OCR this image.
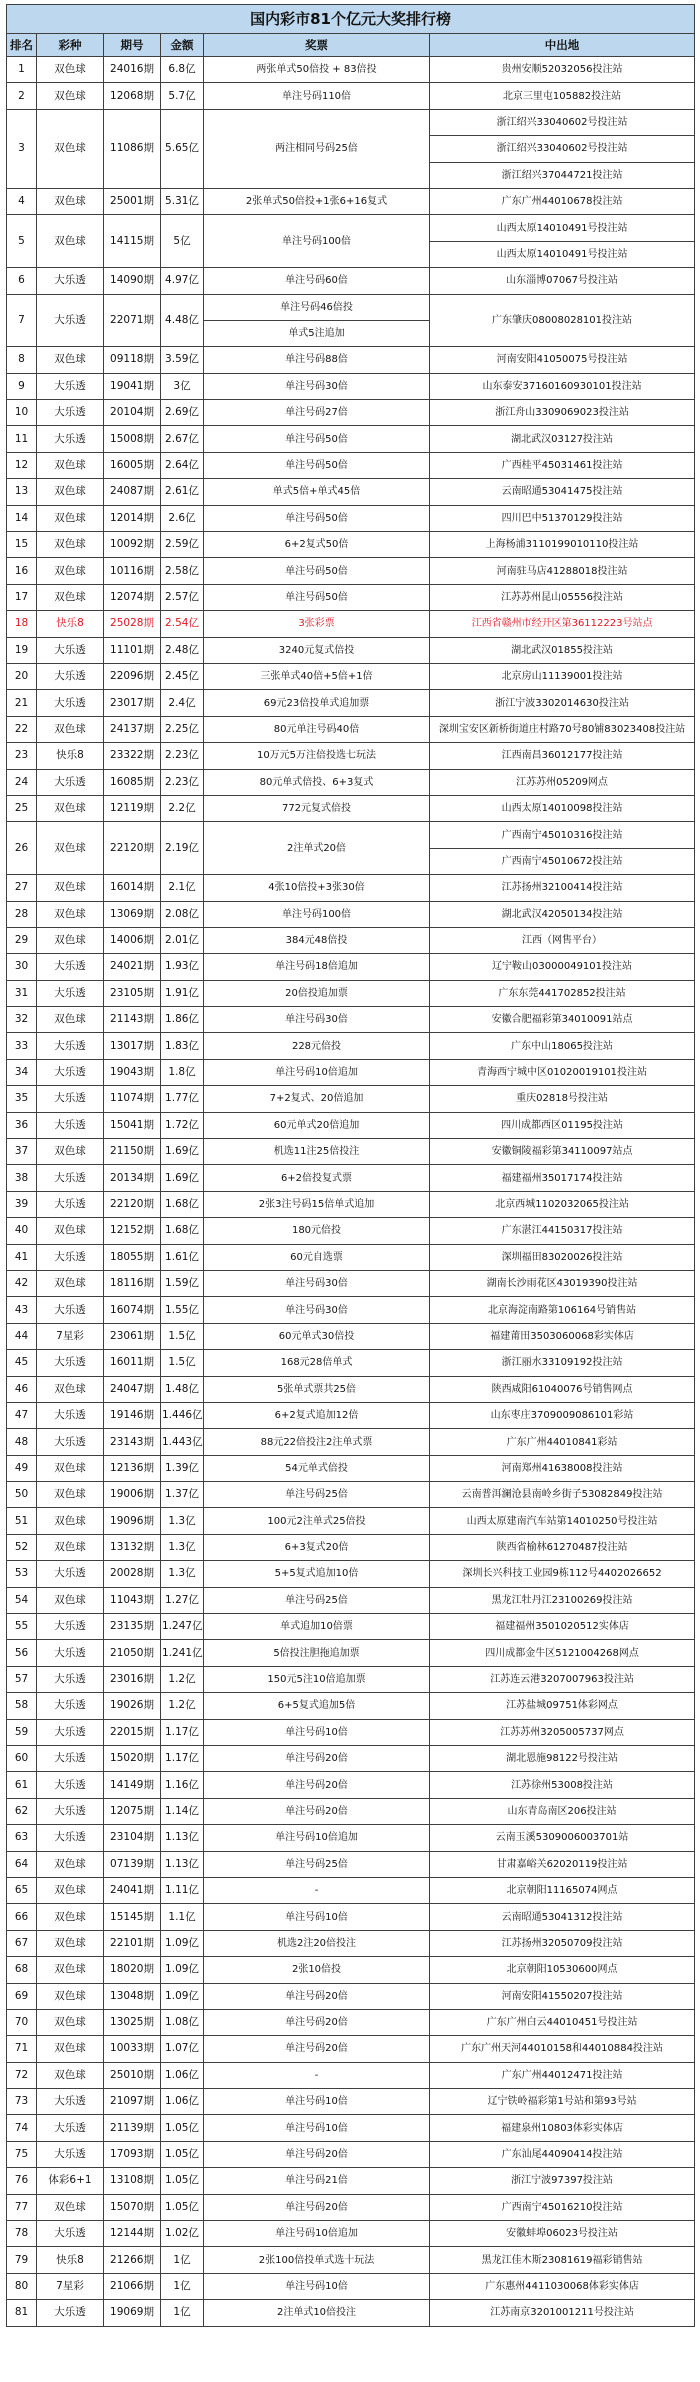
国内彩市81个亿元大奖排行榜					
排名	彩种	期号	金额	奖票	中出地
1	双色球	24016期	6.8亿	两张单式50倍投 + 83倍投	贵州安顺52032056投注站
2	双色球	12068期	5.7亿	单注号码110倍	北京三里屯105882投注站
3	双色球	11086期	5.65亿	两注相同号码25倍	浙江绍兴33040602号投注站
					浙江绍兴33040602号投注站
					浙江绍兴37044721投注站
4	双色球	25001期	5.31亿	2张单式50倍投+1张6+16复式	广东广州44010678投注站
5	双色球	14115期	5亿	单注号码100倍	山西太原14010491号投注站
					山西太原14010491号投注站
6	大乐透	14090期	4.97亿	单注号码60倍	山东淄博07067号投注站
7	大乐透	22071期	4.48亿	单注号码46倍投	广东肇庆08008028101投注站
				单式5注追加	
8	双色球	09118期	3.59亿	单注号码88倍	河南安阳41050075号投注站
9	大乐透	19041期	3亿	单注号码30倍	山东泰安37160160930101投注站
10	大乐透	20104期	2.69亿	单注号码27倍	浙江舟山3309069023投注站
11	大乐透	15008期	2.67亿	单注号码50倍	湖北武汉03127投注站
12	双色球	16005期	2.64亿	单注号码50倍	广西桂平45031461投注站
13	双色球	24087期	2.61亿	单式5倍+单式45倍	云南昭通53041475投注站
14	双色球	12014期	2.6亿	单注号码50倍	四川巴中51370129投注站
15	双色球	10092期	2.59亿	6+2复式50倍	上海杨浦3110199010110投注站
16	双色球	10116期	2.58亿	单注号码50倍	河南驻马店41288018投注站
17	双色球	12074期	2.57亿	单注号码50倍	江苏苏州昆山05556投注站
18	快乐8	25028期	2.54亿	3张彩票	江西省赣州市经开区第36112223号站点
19	大乐透	11101期	2.48亿	3240元复式倍投	湖北武汉01855投注站
20	大乐透	22096期	2.45亿	三张单式40倍+5倍+1倍	北京房山11139001投注站
21	大乐透	23017期	2.4亿	69元23倍投单式追加票	浙江宁波3302014630投注站
22	双色球	24137期	2.25亿	80元单注号码40倍	深圳宝安区新桥街道庄村路70号80铺83023408投注站
23	快乐8	23322期	2.23亿	10万元5万注倍投选七玩法	江西南昌36012177投注站
24	大乐透	16085期	2.23亿	80元单式倍投、6+3复式	江苏苏州05209网点
25	双色球	12119期	2.2亿	772元复式倍投	山西太原14010098投注站
26	双色球	22120期	2.19亿	2注单式20倍	广西南宁45010316投注站
					广西南宁45010672投注站
27	双色球	16014期	2.1亿	4张10倍投+3张30倍	江苏扬州32100414投注站
28	双色球	13069期	2.08亿	单注号码100倍	湖北武汉42050134投注站
29	双色球	14006期	2.01亿	384元48倍投	江西（网售平台）
30	大乐透	24021期	1.93亿	单注号码18倍追加	辽宁鞍山03000049101投注站
31	大乐透	23105期	1.91亿	20倍投追加票	广东东莞441702852投注站
32	双色球	21143期	1.86亿	单注号码30倍	安徽合肥福彩第34010091站点
33	大乐透	13017期	1.83亿	228元倍投	广东中山18065投注站
34	大乐透	19043期	1.8亿	单注号码10倍追加	青海西宁城中区01020019101投注站
35	大乐透	11074期	1.77亿	7+2复式、20倍追加	重庆02818号投注站
36	大乐透	15041期	1.72亿	60元单式20倍追加	四川成都西区01195投注站
37	双色球	21150期	1.69亿	机选11注25倍投注	安徽铜陵福彩第34110097站点
38	大乐透	20134期	1.69亿	6+2倍投复式票	福建福州35017174投注站
39	大乐透	22120期	1.68亿	2张3注号码15倍单式追加	北京西城1102032065投注站
40	双色球	12152期	1.68亿	180元倍投	广东湛江44150317投注站
41	大乐透	18055期	1.61亿	60元自选票	深圳福田83020026投注站
42	双色球	18116期	1.59亿	单注号码30倍	湖南长沙雨花区43019390投注站
43	大乐透	16074期	1.55亿	单注号码30倍	北京海淀南路第106164号销售站
44	7星彩	23061期	1.5亿	60元单式30倍投	福建莆田3503060068彩实体店
45	大乐透	16011期	1.5亿	168元28倍单式	浙江丽水33109192投注站
46	双色球	24047期	1.48亿	5张单式票共25倍	陕西咸阳61040076号销售网点
47	大乐透	19146期	1.446亿	6+2复式追加12倍	山东枣庄3709009086101彩站
48	大乐透	23143期	1.443亿	88元22倍投注2注单式票	广东广州44010841彩站
49	双色球	12136期	1.39亿	54元单式倍投	河南郑州41638008投注站
50	双色球	19006期	1.37亿	单注号码25倍	云南普洱澜沧县南岭乡街子53082849投注站
51	双色球	19096期	1.3亿	100元2注单式25倍投	山西太原建南汽车站第14010250号投注站
52	双色球	13132期	1.3亿	6+3复式20倍	陕西省榆林61270487投注站
53	大乐透	20028期	1.3亿	5+5复式追加10倍	深圳长兴科技工业园9栋112号4402026652
54	双色球	11043期	1.27亿	单注号码25倍	黑龙江牡丹江23100269投注站
55	大乐透	23135期	1.247亿	单式追加10倍票	福建福州3501020512实体店
56	大乐透	21050期	1.241亿	5倍投注胆拖追加票	四川成都金牛区5121004268网点
57	大乐透	23016期	1.2亿	150元5注10倍追加票	江苏连云港3207007963投注站
58	大乐透	19026期	1.2亿	6+5复式追加5倍	江苏盐城09751体彩网点
59	大乐透	22015期	1.17亿	单注号码10倍	江苏苏州3205005737网点
60	大乐透	15020期	1.17亿	单注号码20倍	湖北恩施98122号投注站
61	大乐透	14149期	1.16亿	单注号码20倍	江苏徐州53008投注站
62	大乐透	12075期	1.14亿	单注号码20倍	山东青岛南区206投注站
63	大乐透	23104期	1.13亿	单注号码10倍追加	云南玉溪5309006003701站
64	双色球	07139期	1.13亿	单注号码25倍	甘肃嘉峪关62020119投注站
65	双色球	24041期	1.11亿	-	北京朝阳11165074网点
66	双色球	15145期	1.1亿	单注号码10倍	云南昭通53041312投注站
67	双色球	22101期	1.09亿	机选2注20倍投注	江苏扬州32050709投注站
68	双色球	18020期	1.09亿	2张10倍投	北京朝阳10530600网点
69	双色球	13048期	1.09亿	单注号码20倍	河南安阳41550207投注站
70	双色球	13025期	1.08亿	单注号码20倍	广东广州白云44010451号投注站
71	双色球	10033期	1.07亿	单注号码20倍	广东广州天河44010158和44010884投注站
72	双色球	25010期	1.06亿	-	广东广州44012471投注站
73	大乐透	21097期	1.06亿	单注号码10倍	辽宁铁岭福彩第1号站和第93号站
74	大乐透	21139期	1.05亿	单注号码10倍	福建泉州10803体彩实体店
75	大乐透	17093期	1.05亿	单注号码20倍	广东汕尾44090414投注站
76	体彩6+1	13108期	1.05亿	单注号码21倍	浙江宁波97397投注站
77	双色球	15070期	1.05亿	单注号码20倍	广西南宁45016210投注站
78	大乐透	12144期	1.02亿	单注号码10倍追加	安徽蚌埠06023号投注站
79	快乐8	21266期	1亿	2张100倍投单式选十玩法	黑龙江佳木斯23081619福彩销售站
80	7星彩	21066期	1亿	单注号码10倍	广东惠州4411030068体彩实体店
81	大乐透	19069期	1亿	2注单式10倍投注	江苏南京3201001211号投注站
